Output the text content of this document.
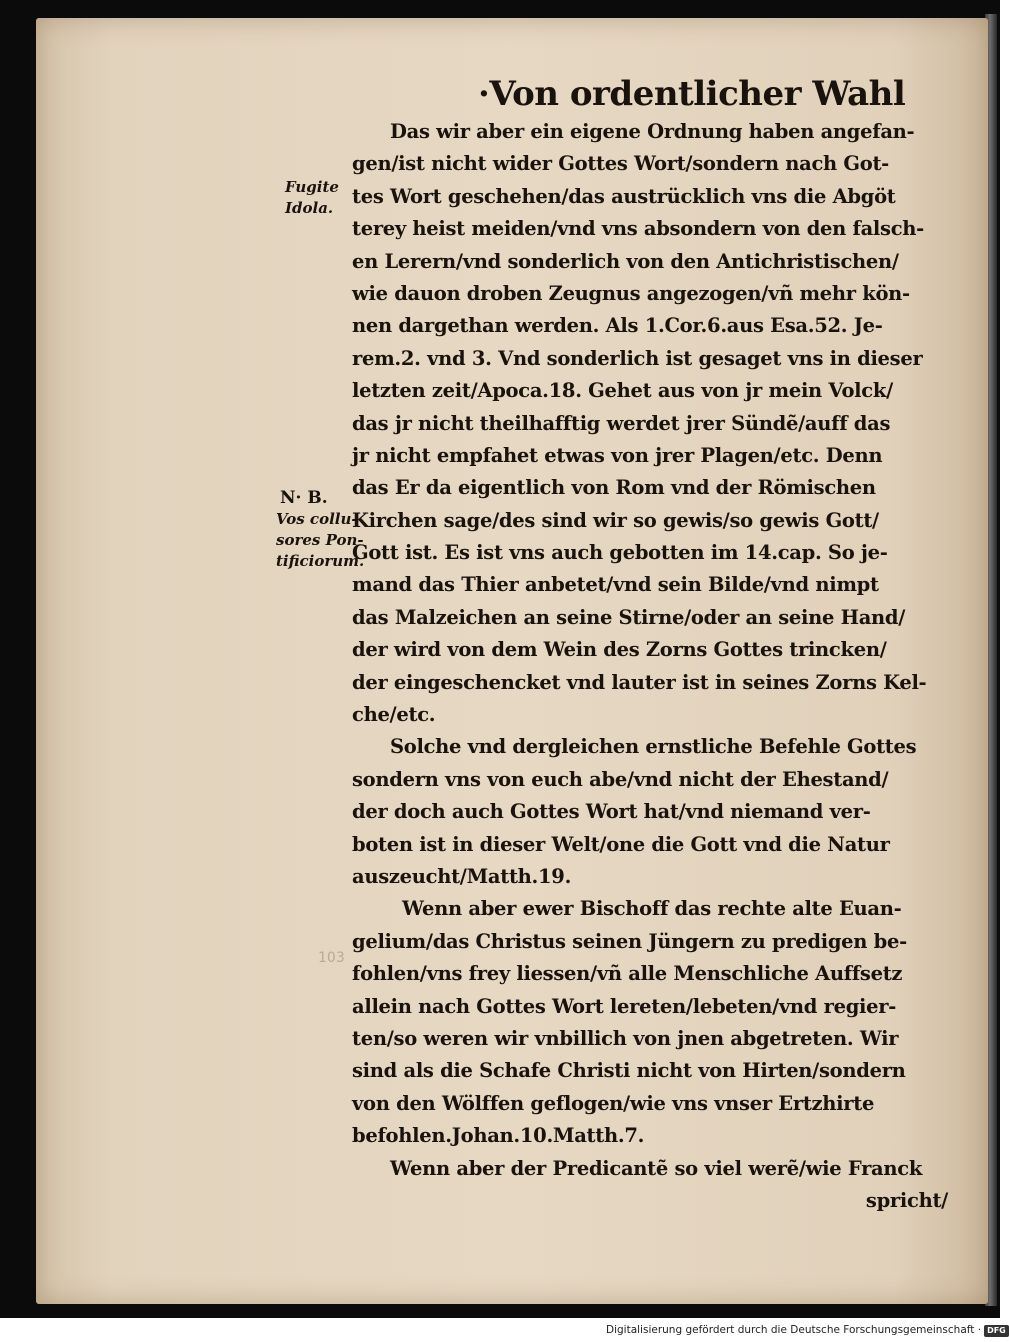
·Von ordentlicher Wahl
Fugite
Idola.
N· B.
Vos collu-
sores Pon-
tificiorum.
Das wir aber ein eigene Ordnung haben angefan-
gen/ist nicht wider Gottes Wort/sondern nach Got-
tes Wort geschehen/das austrücklich vns die Abgöt
terey heist meiden/vnd vns absondern von den falsch-
en Lerern/vnd sonderlich von den Antichristischen/
wie dauon droben Zeugnus angezogen/vñ mehr kön-
nen dargethan werden. Als 1.Cor.6.aus Esa.52. Je-
rem.2. vnd 3. Vnd sonderlich ist gesaget vns in dieser
letzten zeit/Apoca.18. Gehet aus von jr mein Volck/
das jr nicht theilhafftig werdet jrer Sündẽ/auff das
jr nicht empfahet etwas von jrer Plagen/etc. Denn
das Er da eigentlich von Rom vnd der Römischen
Kirchen sage/des sind wir so gewis/so gewis Gott/
Gott ist. Es ist vns auch gebotten im 14.cap. So je-
mand das Thier anbetet/vnd sein Bilde/vnd nimpt
das Malzeichen an seine Stirne/oder an seine Hand/
der wird von dem Wein des Zorns Gottes trincken/
der eingeschencket vnd lauter ist in seines Zorns Kel-
che/etc.
Solche vnd dergleichen ernstliche Befehle Gottes
sondern vns von euch abe/vnd nicht der Ehestand/
der doch auch Gottes Wort hat/vnd niemand ver-
boten ist in dieser Welt/one die Gott vnd die Natur
auszeucht/Matth.19.
Wenn aber ewer Bischoff das rechte alte Euan-
gelium/das Christus seinen Jüngern zu predigen be-
fohlen/vns frey liessen/vñ alle Menschliche Auffsetz
allein nach Gottes Wort lereten/lebeten/vnd regier-
ten/so weren wir vnbillich von jnen abgetreten. Wir
sind als die Schafe Christi nicht von Hirten/sondern
von den Wölffen geflogen/wie vns vnser Ertzhirte
befohlen.Johan.10.Matth.7.
Wenn aber der Predicantẽ so viel werẽ/wie Franck
spricht/
103
Digitalisierung gefördert durch die Deutsche Forschungsgemeinschaft · DFG
